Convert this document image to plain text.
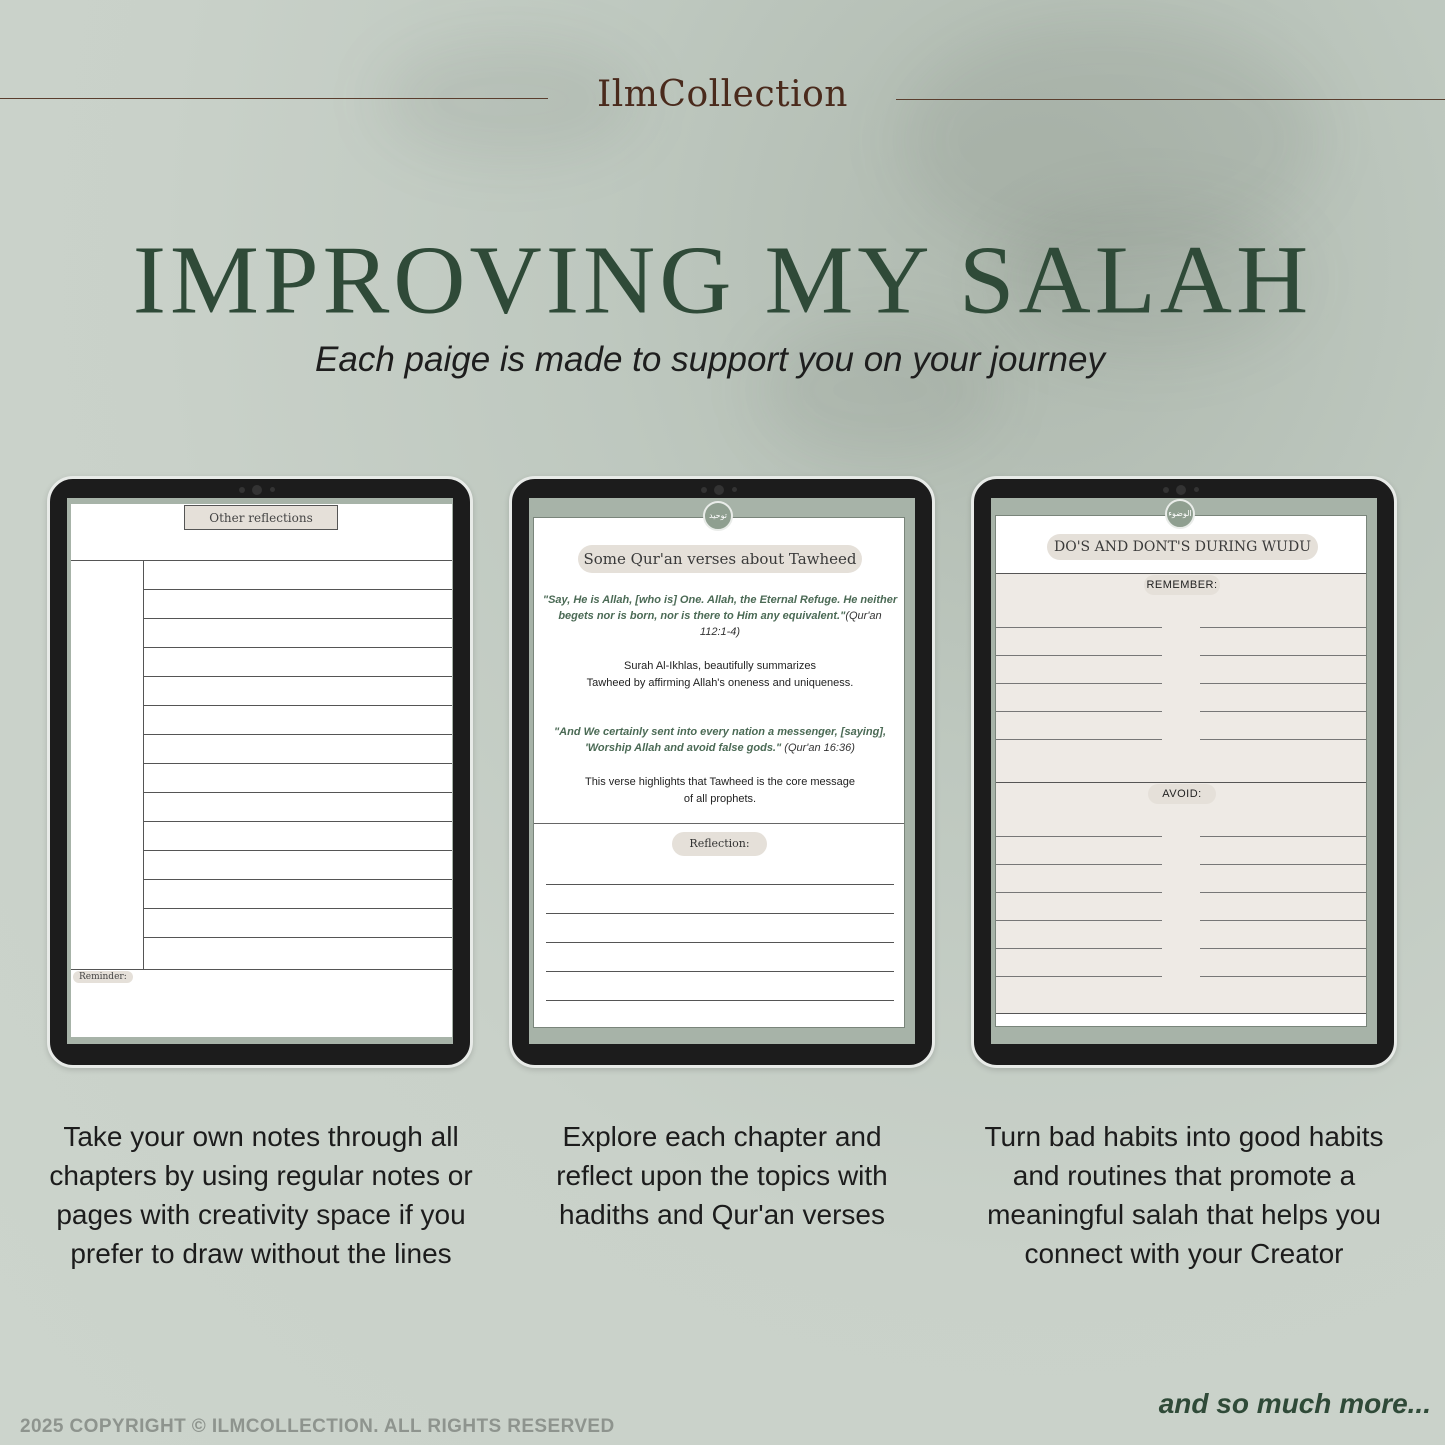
IlmCollection
IMPROVING MY SALAH
Each paige is made to support you on your journey
Other reflections
Reminder:
Some Qur'an verses about Tawheed
"Say, He is Allah, [who is] One. Allah, the Eternal Refuge. He neither begets nor is born, nor is there to Him any equivalent."(Qur'an 112:1-4)
Surah Al-Ikhlas, beautifully summarizes
Tawheed by affirming Allah's oneness and uniqueness.
"And We certainly sent into every nation a messenger, [saying], 'Worship Allah and avoid false gods." (Qur'an 16:36)
This verse highlights that Tawheed is the core message
of all prophets.
Reflection:
توحيد
DO'S AND DONT'S DURING WUDU
REMEMBER:
AVOID:
الوضوء
Take your own notes through all chapters by using regular notes or pages with creativity space if you prefer to draw without the lines
Explore each chapter and reflect upon the topics with hadiths and Qur'an verses
Turn bad habits into good habits and routines that promote a meaningful salah that helps you connect with your Creator
and so much more...
2025 COPYRIGHT © ILMCOLLECTION. ALL RIGHTS RESERVED
